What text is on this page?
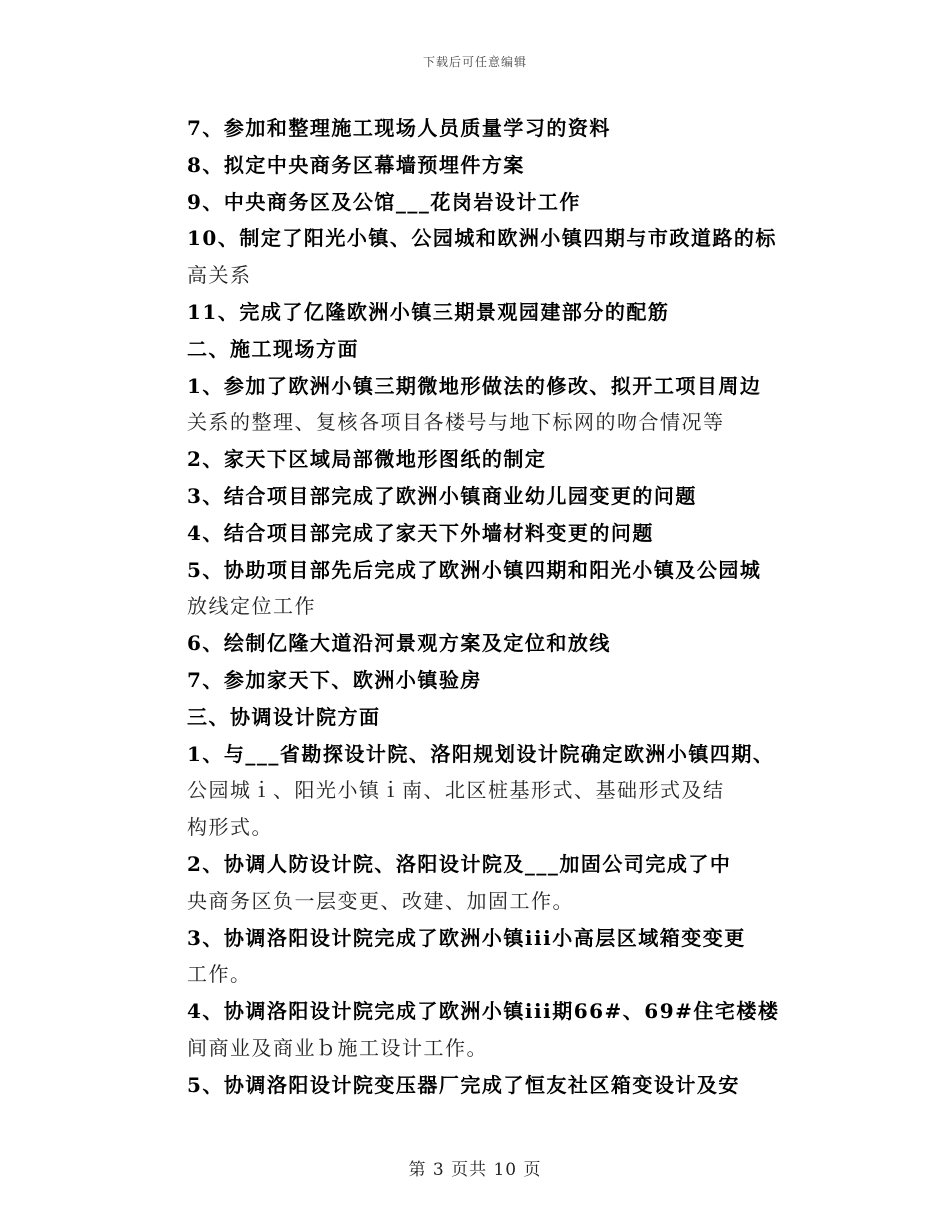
下载后可任意编辑
7、参加和整理施工现场人员质量学习的资料
8、拟定中央商务区幕墙预埋件方案
9、中央商务区及公馆___花岗岩设计工作
10、制定了阳光小镇、公园城和欧洲小镇四期与市政道路的标
高关系
11、完成了亿隆欧洲小镇三期景观园建部分的配筋
二、施工现场方面
1、参加了欧洲小镇三期微地形做法的修改、拟开工项目周边
关系的整理、复核各项目各楼号与地下标网的吻合情况等
2、家天下区域局部微地形图纸的制定
3、结合项目部完成了欧洲小镇商业幼儿园变更的问题
4、结合项目部完成了家天下外墙材料变更的问题
5、协助项目部先后完成了欧洲小镇四期和阳光小镇及公园城
放线定位工作
6、绘制亿隆大道沿河景观方案及定位和放线
7、参加家天下、欧洲小镇验房
三、协调设计院方面
1、与___省勘探设计院、洛阳规划设计院确定欧洲小镇四期、
公园城ｉ、阳光小镇ｉ南、北区桩基形式、基础形式及结
构形式。
2、协调人防设计院、洛阳设计院及___加固公司完成了中
央商务区负一层变更、改建、加固工作。
3、协调洛阳设计院完成了欧洲小镇iii小高层区域箱变变更
工作。
4、协调洛阳设计院完成了欧洲小镇iii期66#、69#住宅楼楼
间商业及商业ｂ施工设计工作。
5、协调洛阳设计院变压器厂完成了恒友社区箱变设计及安
第 3 页共 10 页
